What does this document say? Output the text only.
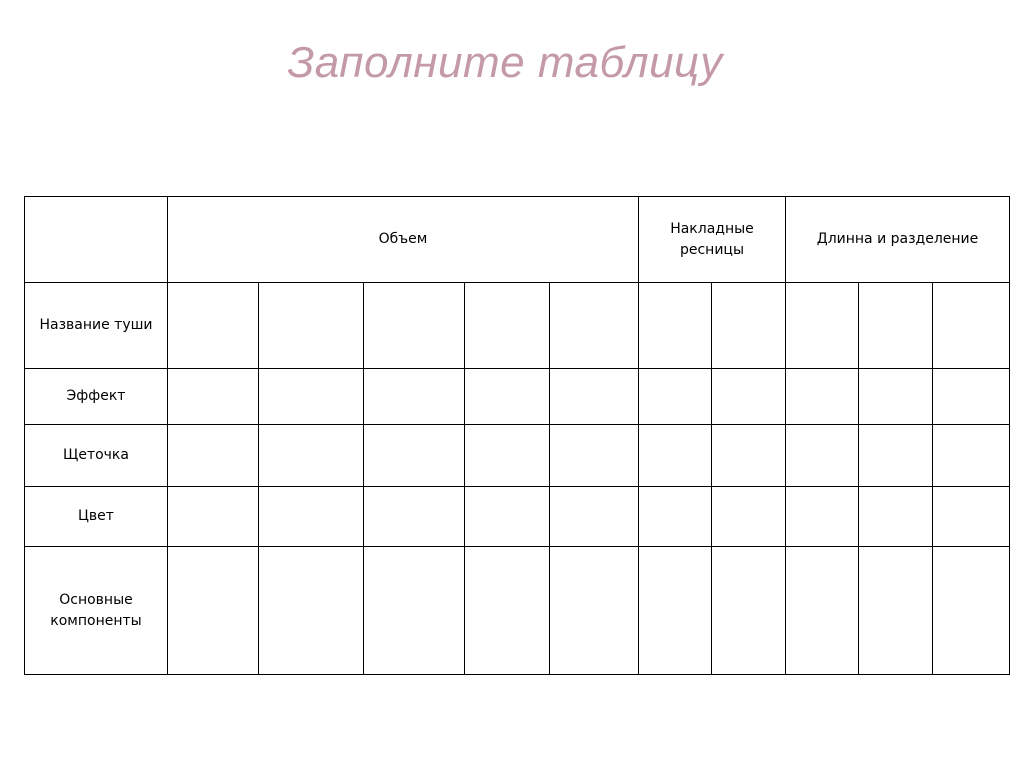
Заполните таблицу
	Объем					Накладные ресницы		Длинна и разделение		
Название туши										
Эффект										
Щеточка										
Цвет										
Основные компоненты										
